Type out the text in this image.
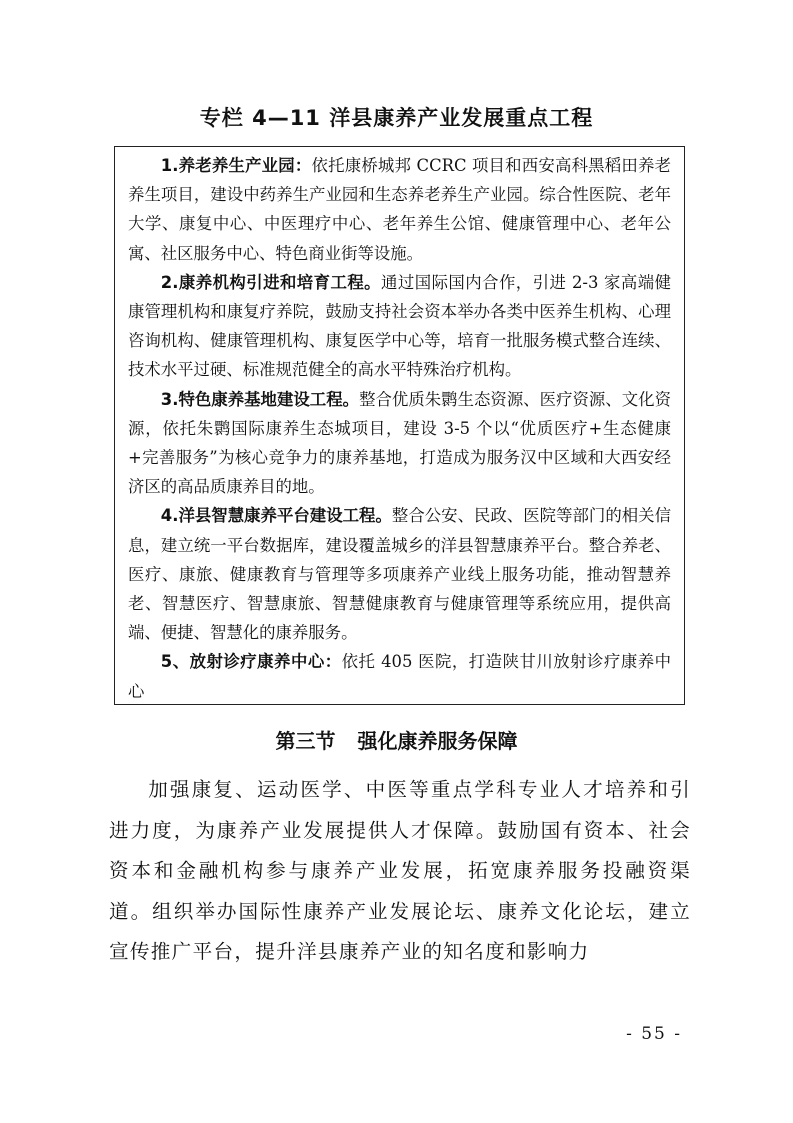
专栏 4—11 洋县康养产业发展重点工程

1.养老养生产业园：依托康桥城邦 CCRC 项目和西安高科黑稻田养老养生项目，建设中药养生产业园和生态养老养生产业园。综合性医院、老年大学、康复中心、中医理疗中心、老年养生公馆、健康管理中心、老年公寓、社区服务中心、特色商业街等设施。

2.康养机构引进和培育工程。通过国际国内合作，引进 2-3 家高端健康管理机构和康复疗养院，鼓励支持社会资本举办各类中医养生机构、心理咨询机构、健康管理机构、康复医学中心等，培育一批服务模式整合连续、技术水平过硬、标准规范健全的高水平特殊治疗机构。

3.特色康养基地建设工程。整合优质朱鹮生态资源、医疗资源、文化资源，依托朱鹮国际康养生态城项目，建设 3-5 个以“优质医疗+生态健康+完善服务”为核心竞争力的康养基地，打造成为服务汉中区域和大西安经济区的高品质康养目的地。

4.洋县智慧康养平台建设工程。整合公安、民政、医院等部门的相关信息，建立统一平台数据库，建设覆盖城乡的洋县智慧康养平台。整合养老、医疗、康旅、健康教育与管理等多项康养产业线上服务功能，推动智慧养老、智慧医疗、智慧康旅、智慧健康教育与健康管理等系统应用，提供高端、便捷、智慧化的康养服务。

5、放射诊疗康养中心：依托 405 医院，打造陕甘川放射诊疗康养中心

第三节 强化康养服务保障

加强康复、运动医学、中医等重点学科专业人才培养和引进力度，为康养产业发展提供人才保障。鼓励国有资本、社会资本和金融机构参与康养产业发展，拓宽康养服务投融资渠道。组织举办国际性康养产业发展论坛、康养文化论坛，建立宣传推广平台，提升洋县康养产业的知名度和影响力

- 55 -
